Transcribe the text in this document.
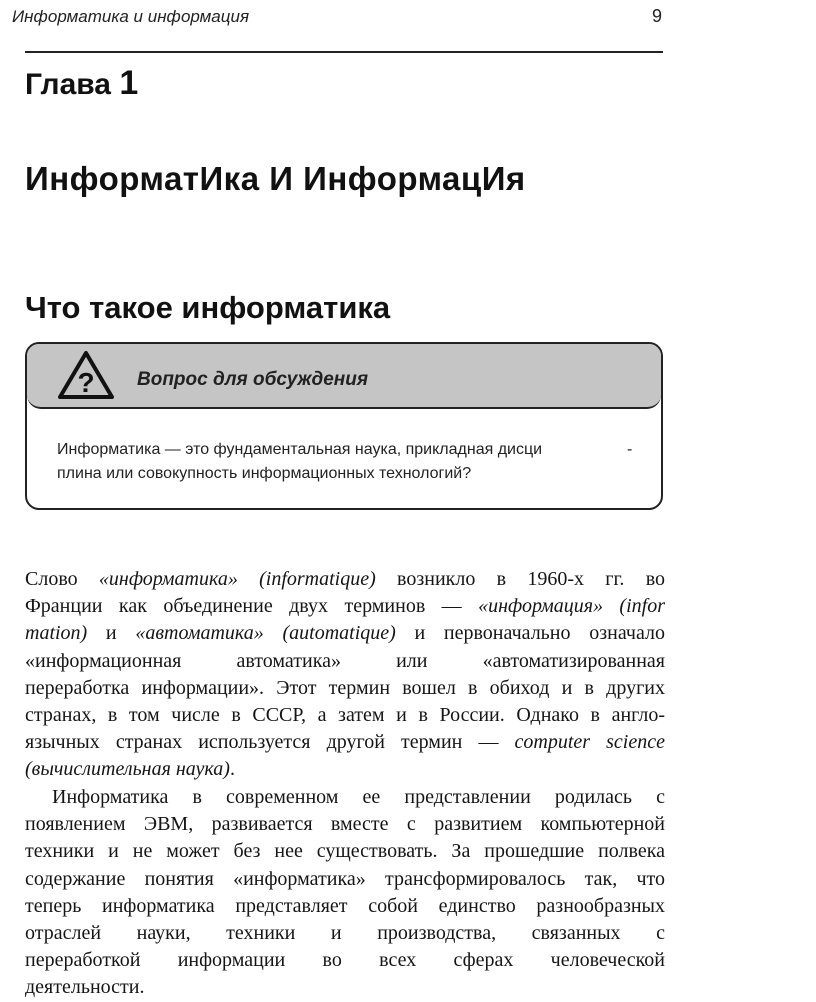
Информатика и информация	9
Глава 1
ИнформатИка И ИнформацИя
Что такое информатика
? Вопрос для обсуждения
Информатика — это фундаментальная наука, прикладная дисци
плина или совокупность информационных технологий?
-
Слово «информатика» (informatique) возникло в 1960-х гг. во
Франции как объединение двух терминов — «информация» (infor
mation) и «автоматика» (automatique) и первоначально означало
«информационная автоматика» или «автоматизированная
переработка информации». Этот термин вошел в обиход и в других
странах, в том числе в СССР, а затем и в России. Однако в англо-
язычных странах используется другой термин — computer science
(вычислительная наука).
Информатика в современном ее представлении родилась с
появлением ЭВМ, развивается вместе с развитием компьютерной
техники и не может без нее существовать. За прошедшие полвека
содержание понятия «информатика» трансформировалось так, что
теперь информатика представляет собой единство разнообразных
отраслей науки, техники и производства, связанных с
переработкой информации во всех сферах человеческой
деятельности.
